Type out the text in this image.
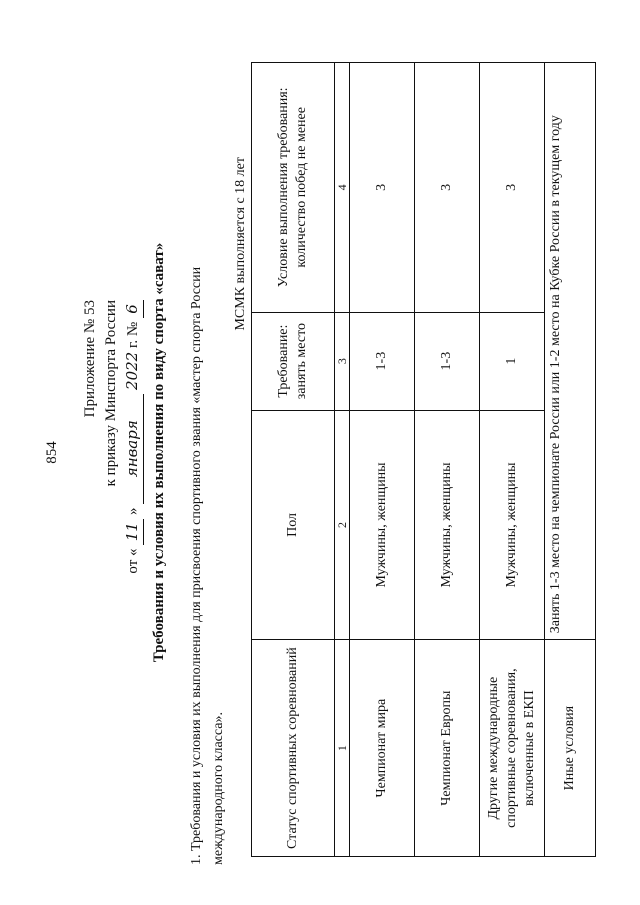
854
Приложение № 53 к приказу Минспорта России
от « 11 » января 2022 г. № 6 Требования и условия их выполнения по виду спорта «сават» 1. Требования и условия их выполнения для присвоения спортивного звания «мастер спорта России международного класса».
МСМК выполняется с 18 лет
Статус спортивных соревнований	Пол	Требование: занять место	Условие выполнения требования: количество побед не менее
1	2	3	4
Чемпионат мира	Мужчины, женщины	1-3	3
Чемпионат Европы	Мужчины, женщины	1-3	3
Другие международные спортивные соревнования, включенные в ЕКП	Мужчины, женщины	1	3
Иные условия	Занять 1-3 место на чемпионате России или 1-2 место на Кубке России в текущем году		
